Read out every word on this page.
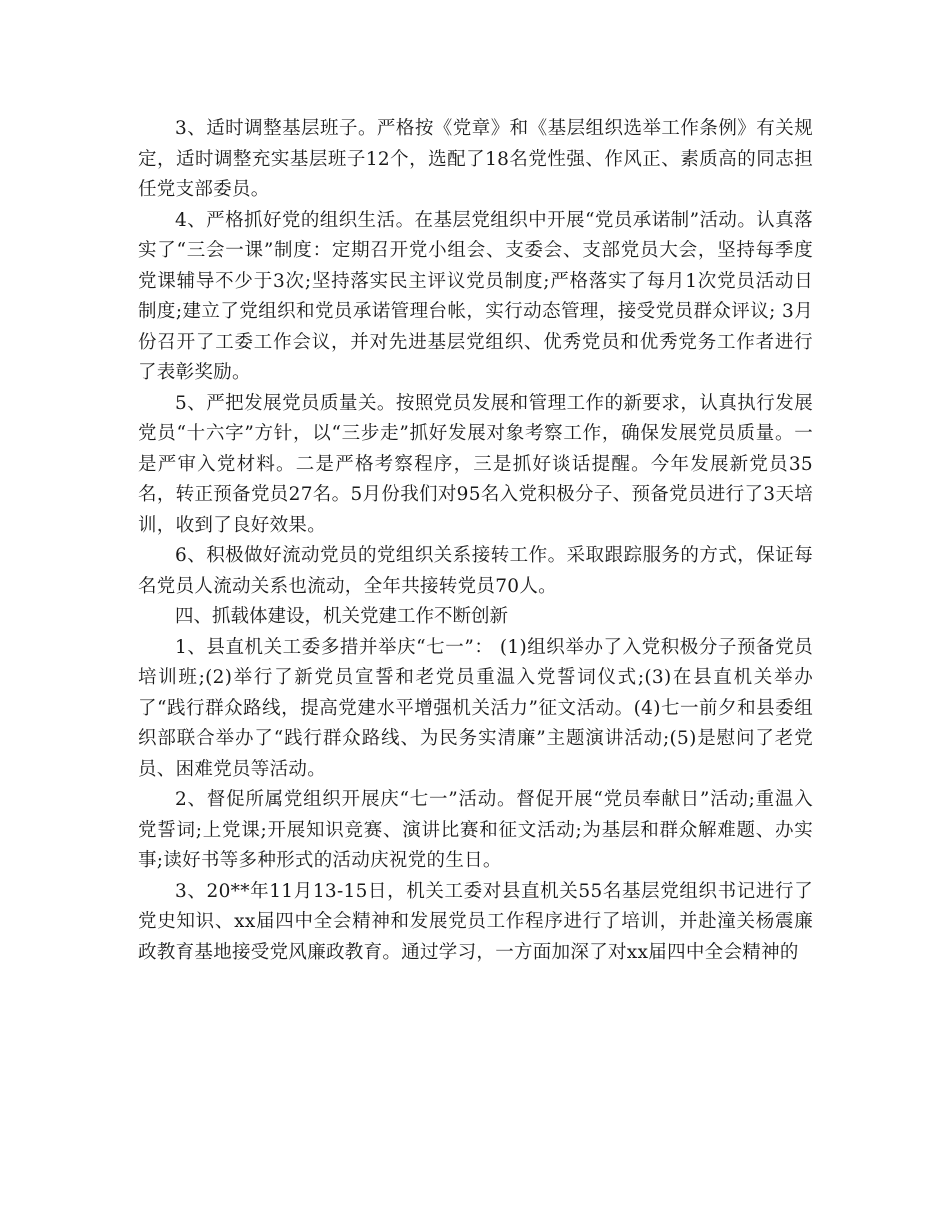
3、适时调整基层班子。严格按《党章》和《基层组织选举工作条例》有关规定，适时调整充实基层班子12个，选配了18名党性强、作风正、素质高的同志担任党支部委员。

4、严格抓好党的组织生活。在基层党组织中开展“党员承诺制”活动。认真落实了“三会一课”制度：定期召开党小组会、支委会、支部党员大会，坚持每季度党课辅导不少于3次;坚持落实民主评议党员制度;严格落实了每月1次党员活动日制度;建立了党组织和党员承诺管理台帐，实行动态管理，接受党员群众评议; 3月份召开了工委工作会议，并对先进基层党组织、优秀党员和优秀党务工作者进行了表彰奖励。

5、严把发展党员质量关。按照党员发展和管理工作的新要求，认真执行发展党员“十六字”方针，以“三步走”抓好发展对象考察工作，确保发展党员质量。一是严审入党材料。二是严格考察程序，三是抓好谈话提醒。今年发展新党员35名，转正预备党员27名。5月份我们对95名入党积极分子、预备党员进行了3天培训，收到了良好效果。

6、积极做好流动党员的党组织关系接转工作。采取跟踪服务的方式，保证每名党员人流动关系也流动，全年共接转党员70人。

四、抓载体建设，机关党建工作不断创新

1、县直机关工委多措并举庆“七一”： (1)组织举办了入党积极分子预备党员培训班;(2)举行了新党员宣誓和老党员重温入党誓词仪式;(3)在县直机关举办了“践行群众路线，提高党建水平增强机关活力”征文活动。(4)七一前夕和县委组织部联合举办了“践行群众路线、为民务实清廉”主题演讲活动;(5)是慰问了老党员、困难党员等活动。

2、督促所属党组织开展庆“七一”活动。督促开展“党员奉献日”活动;重温入党誓词;上党课;开展知识竞赛、演讲比赛和征文活动;为基层和群众解难题、办实事;读好书等多种形式的活动庆祝党的生日。

3、20**年11月13-15日，机关工委对县直机关55名基层党组织书记进行了党史知识、xx届四中全会精神和发展党员工作程序进行了培训，并赴潼关杨震廉政教育基地接受党风廉政教育。通过学习，一方面加深了对xx届四中全会精神的
